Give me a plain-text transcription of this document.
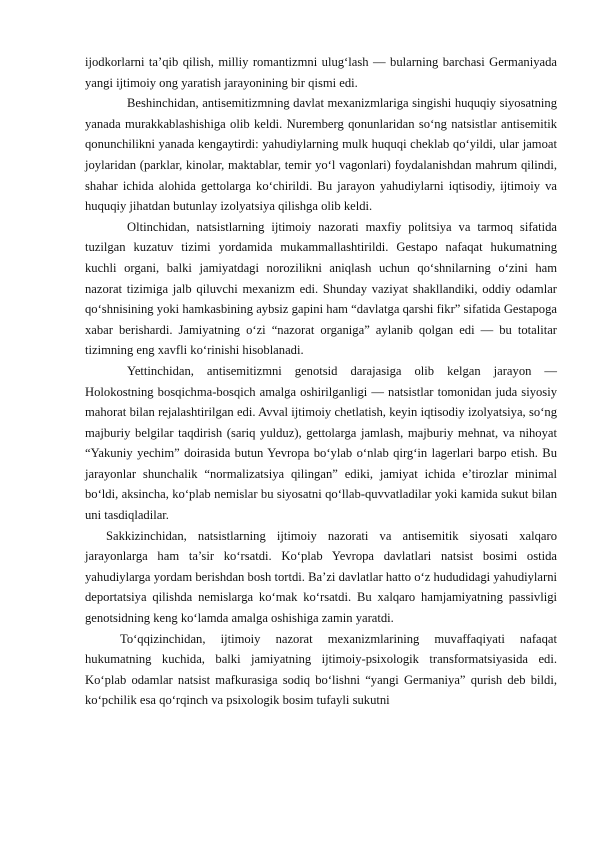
ijodkorlarni ta’qib qilish, milliy romantizmni ulug‘lash — bularning barchasi Germaniyada yangi ijtimoiy ong yaratish jarayonining bir qismi edi.

Beshinchidan, antisemitizmning davlat mexanizmlariga singishi huquqiy siyosatning yanada murakkablashishiga olib keldi. Nuremberg qonunlaridan so‘ng natsistlar antisemitik qonunchilikni yanada kengaytirdi: yahudiylarning mulk huquqi cheklab qo‘yildi, ular jamoat joylaridan (parklar, kinolar, maktablar, temir yo‘l vagonlari) foydalanishdan mahrum qilindi, shahar ichida alohida gettolarga ko‘chirildi. Bu jarayon yahudiylarni iqtisodiy, ijtimoiy va huquqiy jihatdan butunlay izolyatsiya qilishga olib keldi.

Oltinchidan, natsistlarning ijtimoiy nazorati maxfiy politsiya va tarmoq sifatida tuzilgan kuzatuv tizimi yordamida mukammallashtirildi. Gestapo nafaqat hukumatning kuchli organi, balki jamiyatdagi norozilikni aniqlash uchun qo‘shnilarning o‘zini ham nazorat tizimiga jalb qiluvchi mexanizm edi. Shunday vaziyat shakllandiki, oddiy odamlar qo‘shnisining yoki hamkasbining aybsiz gapini ham “davlatga qarshi fikr” sifatida Gestapoga xabar berishardi. Jamiyatning o‘zi “nazorat organiga” aylanib qolgan edi — bu totalitar tizimning eng xavfli ko‘rinishi hisoblanadi.

Yettinchidan, antisemitizmni genotsid darajasiga olib kelgan jarayon — Holokostning bosqichma-bosqich amalga oshirilganligi — natsistlar tomonidan juda siyosiy mahorat bilan rejalashtirilgan edi. Avval ijtimoiy chetlatish, keyin iqtisodiy izolyatsiya, so‘ng majburiy belgilar taqdirish (sariq yulduz), gettolarga jamlash, majburiy mehnat, va nihoyat “Yakuniy yechim” doirasida butun Yevropa bo‘ylab o‘nlab qirg‘in lagerlari barpo etish. Bu jarayonlar shunchalik “normalizatsiya qilingan” ediki, jamiyat ichida e’tirozlar minimal bo‘ldi, aksincha, ko‘plab nemislar bu siyosatni qo‘llab-quvvatladilar yoki kamida sukut bilan uni tasdiqladilar.

Sakkizinchidan, natsistlarning ijtimoiy nazorati va antisemitik siyosati xalqaro jarayonlarga ham ta’sir ko‘rsatdi. Ko‘plab Yevropa davlatlari natsist bosimi ostida yahudiylarga yordam berishdan bosh tortdi. Ba’zi davlatlar hatto o‘z hududidagi yahudiylarni deportatsiya qilishda nemislarga ko‘mak ko‘rsatdi. Bu xalqaro hamjamiyatning passivligi genotsidning keng ko‘lamda amalga oshishiga zamin yaratdi.

To‘qqizinchidan, ijtimoiy nazorat mexanizmlarining muvaffaqiyati nafaqat hukumatning kuchida, balki jamiyatning ijtimoiy-psixologik transformatsiyasida edi. Ko‘plab odamlar natsist mafkurasiga sodiq bo‘lishni “yangi Germaniya” qurish deb bildi, ko‘pchilik esa qo‘rqinch va psixologik bosim tufayli sukutni
